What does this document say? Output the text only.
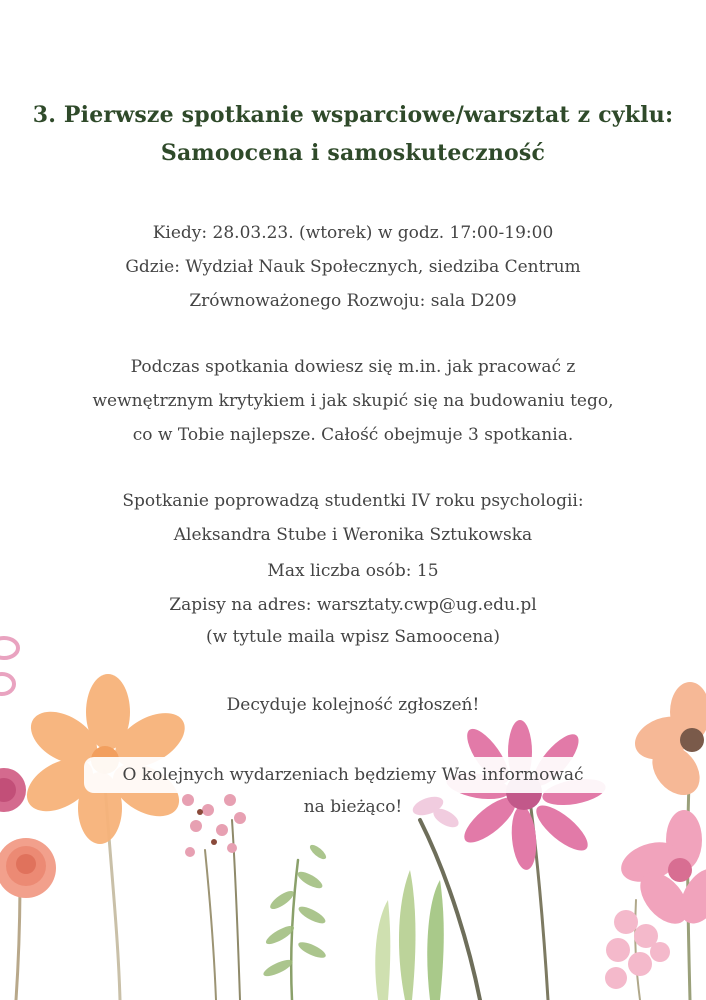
3. Pierwsze spotkanie wsparciowe/warsztat z cyklu:
Samoocena i samoskuteczność
Kiedy: 28.03.23. (wtorek) w godz. 17:00-19:00
Gdzie: Wydział Nauk Społecznych, siedziba Centrum
Zrównoważonego Rozwoju: sala D209
Podczas spotkania dowiesz się m.in. jak pracować z
wewnętrznym krytykiem i jak skupić się na budowaniu tego,
co w Tobie najlepsze. Całość obejmuje 3 spotkania.
Spotkanie poprowadzą studentki IV roku psychologii:
Aleksandra Stube i Weronika Sztukowska
Max liczba osób: 15
Zapisy na adres: warsztaty.cwp@ug.edu.pl
(w tytule maila wpisz Samoocena)
Decyduje kolejność zgłoszeń!
O kolejnych wydarzeniach będziemy Was informować
na bieżąco!
